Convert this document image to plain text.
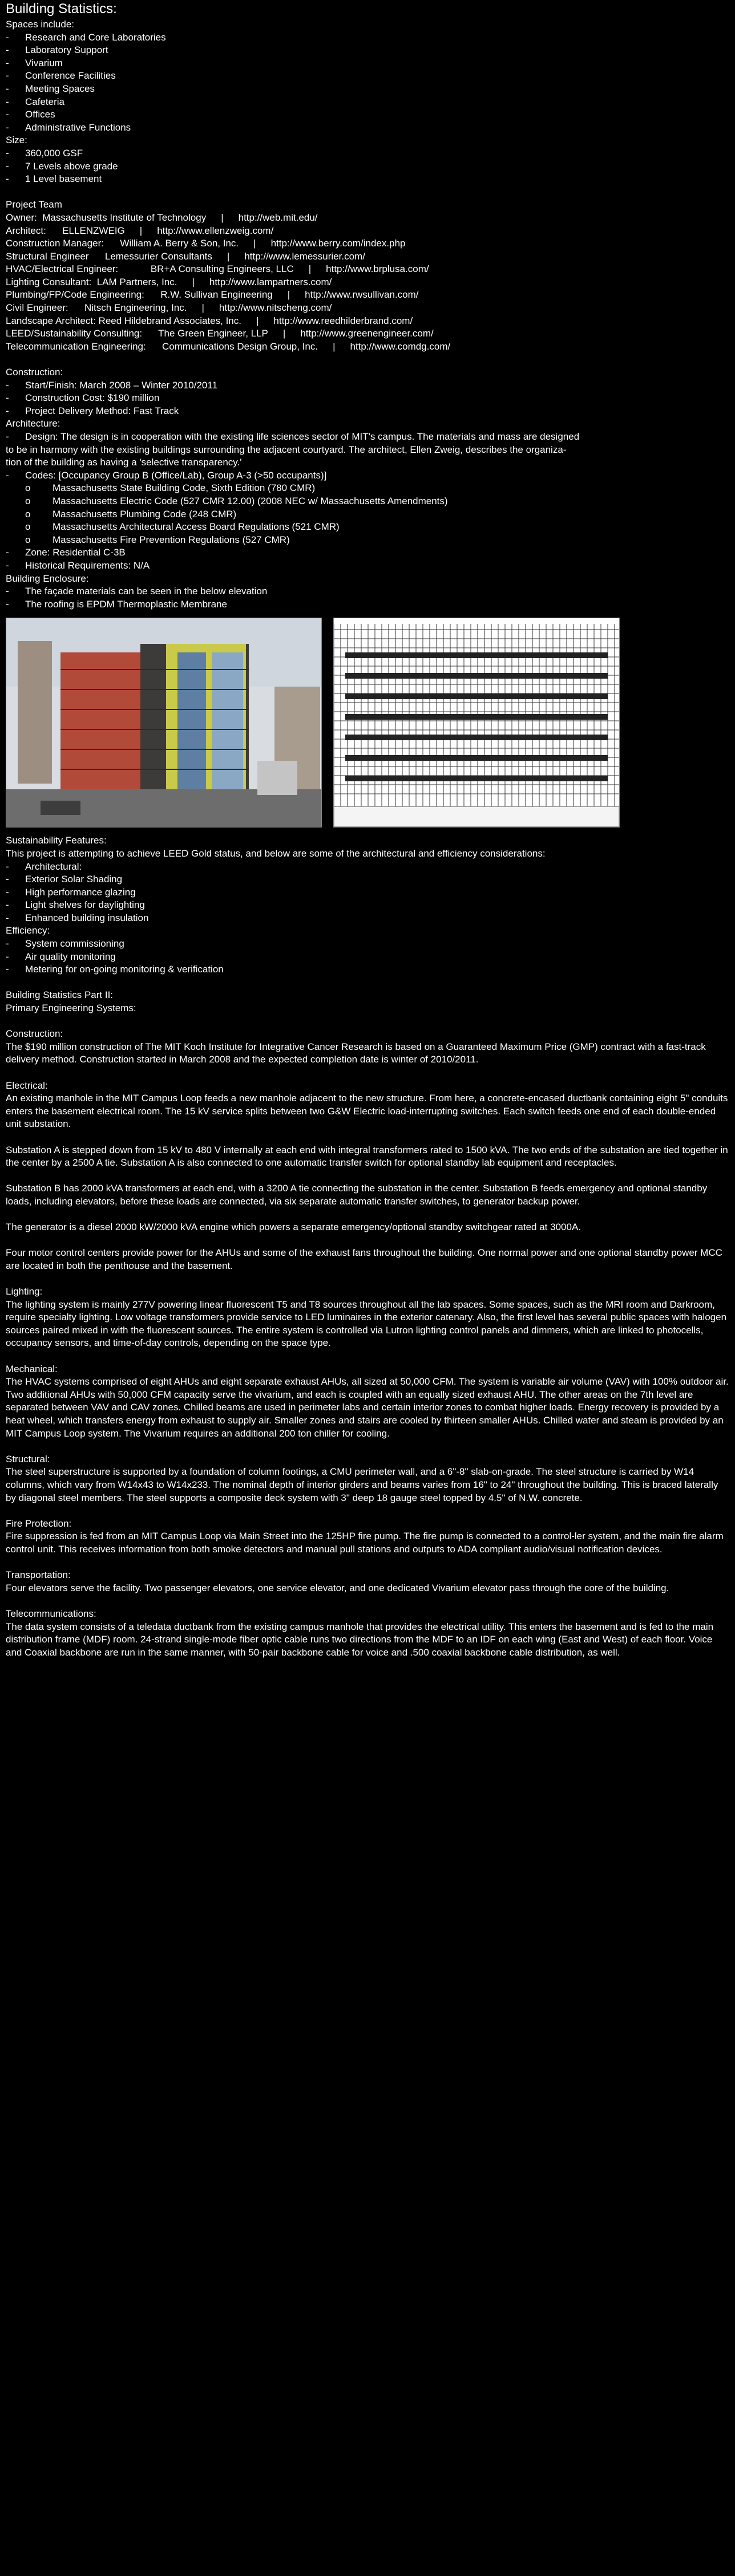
Building Statistics:
Spaces include:
-	Research and Core Laboratories
-	Laboratory Support
-	Vivarium
-	Conference Facilities
-	Meeting Spaces
-	Cafeteria
-	Offices
-	Administrative Functions
Size:
-	360,000 GSF
-	7 Levels above grade
-	1 Level basement
Project Team
Owner:  Massachusetts Institute of Technology	|	http://web.mit.edu/
Architect:      ELLENZWEIG	|	http://www.ellenzweig.com/
Construction Manager:      William A. Berry & Son, Inc.	|	http://www.berry.com/index.php
Structural Engineer      Lemessurier Consultants	|	http://www.lemessurier.com/
HVAC/Electrical Engineer:            BR+A Consulting Engineers, LLC	|	http://www.brplusa.com/
Lighting Consultant:  LAM Partners, Inc.	|	http://www.lampartners.com/
Plumbing/FP/Code Engineering:      R.W. Sullivan Engineering	|	http://www.rwsullivan.com/
Civil Engineer:      Nitsch Engineering, Inc.	|	http://www.nitscheng.com/
Landscape Architect: Reed Hildebrand Associates, Inc.	|	http://www.reedhilderbrand.com/
LEED/Sustainability Consulting:      The Green Engineer, LLP	|	http://www.greenengineer.com/
Telecommunication Engineering:      Communications Design Group, Inc.	|	http://www.comdg.com/
Construction:
-	Start/Finish: March 2008 – Winter 2010/2011
-	Construction Cost: $190 million
-	Project Delivery Method: Fast Track
Architecture:
-	Design: The design is in cooperation with the existing life sciences sector of MIT's campus. The materials and mass are designed
to be in harmony with the existing buildings surrounding the adjacent courtyard. The architect, Ellen Zweig, describes the organiza-
tion of the building as having a 'selective transparency.'
-	Codes: [Occupancy Group B (Office/Lab), Group A-3 (>50 occupants)]
o	Massachusetts State Building Code, Sixth Edition (780 CMR)
o	Massachusetts Electric Code (527 CMR 12.00) (2008 NEC w/ Massachusetts Amendments)
o	Massachusetts Plumbing Code (248 CMR)
o	Massachusetts Architectural Access Board Regulations (521 CMR)
o	Massachusetts Fire Prevention Regulations (527 CMR)
-	Zone: Residential C-3B
-	Historical Requirements: N/A
Building Enclosure:
-	The façade materials can be seen in the below elevation
-	The roofing is EPDM Thermoplastic Membrane
Sustainability Features:
This project is attempting to achieve LEED Gold status, and below are some of the architectural and efficiency considerations:
-	Architectural:
-	Exterior Solar Shading
-	High performance glazing
-	Light shelves for daylighting
-	Enhanced building insulation
Efficiency:
-	System commissioning
-	Air quality monitoring
-	Metering for on-going monitoring & verification
Building Statistics Part II:
Primary Engineering Systems:
Construction:

The $190 million construction of The MIT Koch Institute for Integrative Cancer Research is based on a Guaranteed Maximum Price (GMP) contract with a fast-track delivery method. Construction started in March 2008 and the expected completion date is winter of 2010/2011.

Electrical:

An existing manhole in the MIT Campus Loop feeds a new manhole adjacent to the new structure. From here, a concrete-encased ductbank containing eight 5" conduits enters the basement electrical room. The 15 kV service splits between two G&W Electric load-interrupting switches. Each switch feeds one end of each double-ended unit substation.

Substation A is stepped down from 15 kV to 480 V internally at each end with integral transformers rated to 1500 kVA. The two ends of the substation are tied together in the center by a 2500 A tie. Substation A is also connected to one automatic transfer switch for optional standby lab equipment and receptacles.

Substation B has 2000 kVA transformers at each end, with a 3200 A tie connecting the substation in the center. Substation B feeds emergency and optional standby loads, including elevators, before these loads are connected, via six separate automatic transfer switches, to generator backup power.

The generator is a diesel 2000 kW/2000 kVA engine which powers a separate emergency/optional standby switchgear rated at 3000A.

Four motor control centers provide power for the AHUs and some of the exhaust fans throughout the building. One normal power and one optional standby power MCC are located in both the penthouse and the basement.

Lighting:

The lighting system is mainly 277V powering linear fluorescent T5 and T8 sources throughout all the lab spaces. Some spaces, such as the MRI room and Darkroom, require specialty lighting. Low voltage transformers provide service to LED luminaires in the exterior catenary. Also, the first level has several public spaces with halogen sources paired mixed in with the fluorescent sources. The entire system is controlled via Lutron lighting control panels and dimmers, which are linked to photocells, occupancy sensors, and time-of-day controls, depending on the space type.

Mechanical:

The HVAC systems comprised of eight AHUs and eight separate exhaust AHUs, all sized at 50,000 CFM. The system is variable air volume (VAV) with 100% outdoor air. Two additional AHUs with 50,000 CFM capacity serve the vivarium, and each is coupled with an equally sized exhaust AHU. The other areas on the 7th level are separated between VAV and CAV zones. Chilled beams are used in perimeter labs and certain interior zones to combat higher loads. Energy recovery is provided by a heat wheel, which transfers energy from exhaust to supply air. Smaller zones and stairs are cooled by thirteen smaller AHUs. Chilled water and steam is provided by an MIT Campus Loop system. The Vivarium requires an additional 200 ton chiller for cooling.

Structural:

The steel superstructure is supported by a foundation of column footings, a CMU perimeter wall, and a 6"-8" slab-on-grade. The steel structure is carried by W14 columns, which vary from W14x43 to W14x233. The nominal depth of interior girders and beams varies from 16" to 24" throughout the building. This is braced laterally by diagonal steel members. The steel supports a composite deck system with 3" deep 18 gauge steel topped by 4.5" of N.W. concrete.

Fire Protection:

Fire suppression is fed from an MIT Campus Loop via Main Street into the 125HP fire pump. The fire pump is connected to a control-ler system, and the main fire alarm control unit. This receives information from both smoke detectors and manual pull stations and outputs to ADA compliant audio/visual notification devices.

Transportation:

Four elevators serve the facility. Two passenger elevators, one service elevator, and one dedicated Vivarium elevator pass through the core of the building.

Telecommunications:

The data system consists of a teledata ductbank from the existing campus manhole that provides the electrical utility. This enters the basement and is fed to the main distribution frame (MDF) room. 24-strand single-mode fiber optic cable runs two directions from the MDF to an IDF on each wing (East and West) of each floor. Voice and Coaxial backbone are run in the same manner, with 50-pair backbone cable for voice and .500 coaxial backbone cable distribution, as well.
